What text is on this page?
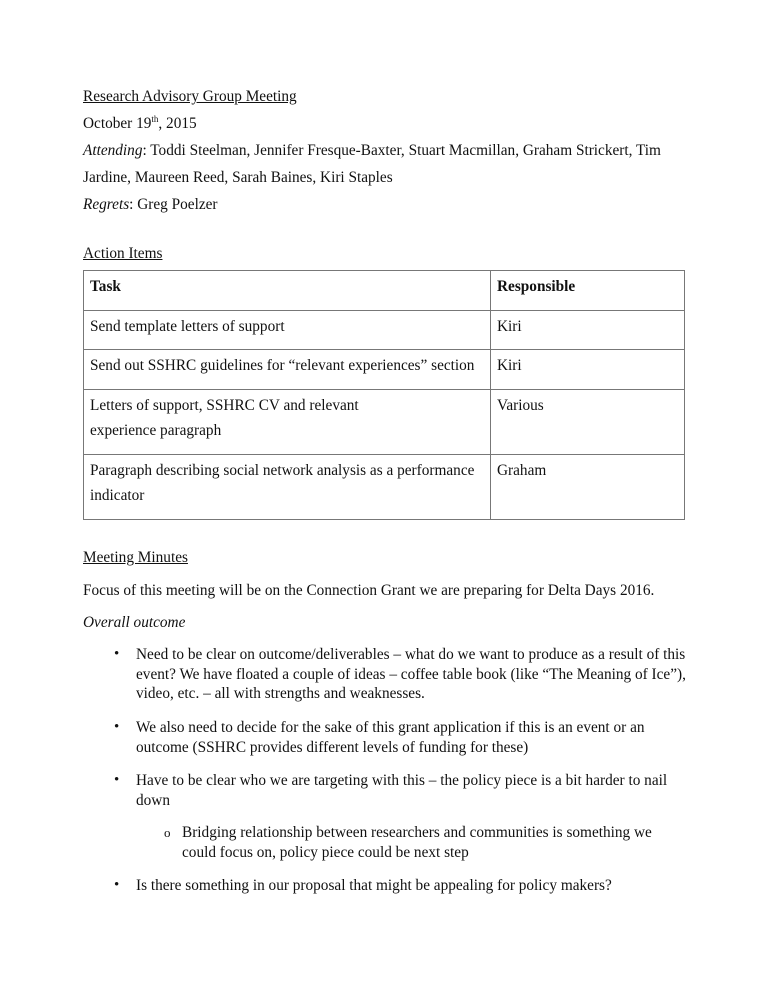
Research Advisory Group Meeting
October 19th, 2015
Attending: Toddi Steelman, Jennifer Fresque-Baxter, Stuart Macmillan, Graham Strickert, Tim
Jardine, Maureen Reed, Sarah Baines, Kiri Staples
Regrets: Greg Poelzer
Action Items
Task	Responsible
Send template letters of support	Kiri
Send out SSHRC guidelines for “relevant experiences” section	Kiri
Letters of support, SSHRC CV and relevant experience paragraph	Various
Paragraph describing social network analysis as a performance indicator	Graham
Meeting Minutes
Focus of this meeting will be on the Connection Grant we are preparing for Delta Days 2016.
Overall outcome
• Need to be clear on outcome/deliverables – what do we want to produce as a result of this event? We have floated a couple of ideas – coffee table book (like “The Meaning of Ice”), video, etc. – all with strengths and weaknesses.
• We also need to decide for the sake of this grant application if this is an event or an outcome (SSHRC provides different levels of funding for these)
• Have to be clear who we are targeting with this – the policy piece is a bit harder to nail down
o Bridging relationship between researchers and communities is something we could focus on, policy piece could be next step
• Is there something in our proposal that might be appealing for policy makers?
